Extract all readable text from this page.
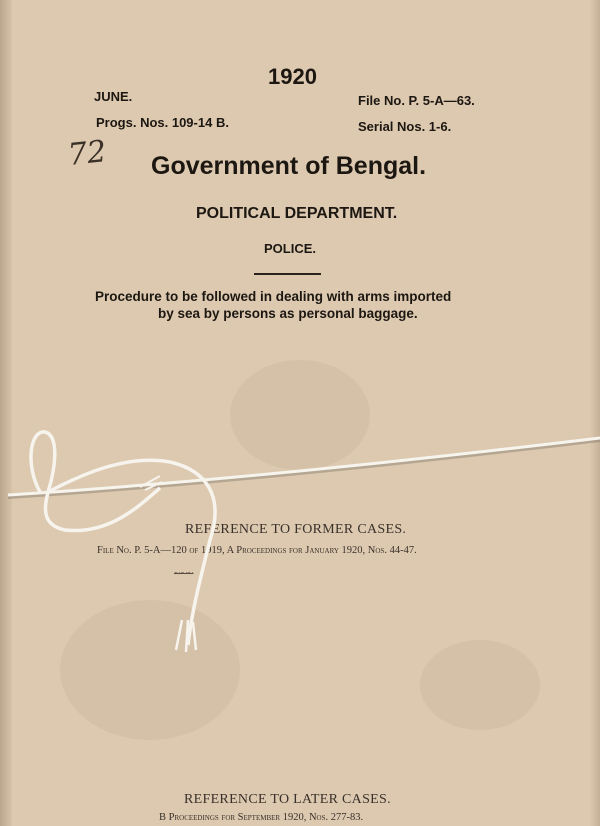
1920
JUNE.	File No. P. 5-A—63.
Progs. Nos. 109-14 B.	Serial Nos. 1-6.
72 Government of Bengal.
POLITICAL DEPARTMENT.
POLICE.
Procedure to be followed in dealing with arms imported
by sea by persons as personal baggage.
REFERENCE TO FORMER CASES.
File No. P. 5-A—120 of 1919, A Proceedings for January 1920, Nos. 44-47.
~~~
REFERENCE TO LATER CASES.
B Proceedings for September 1920, Nos. 277-83.
